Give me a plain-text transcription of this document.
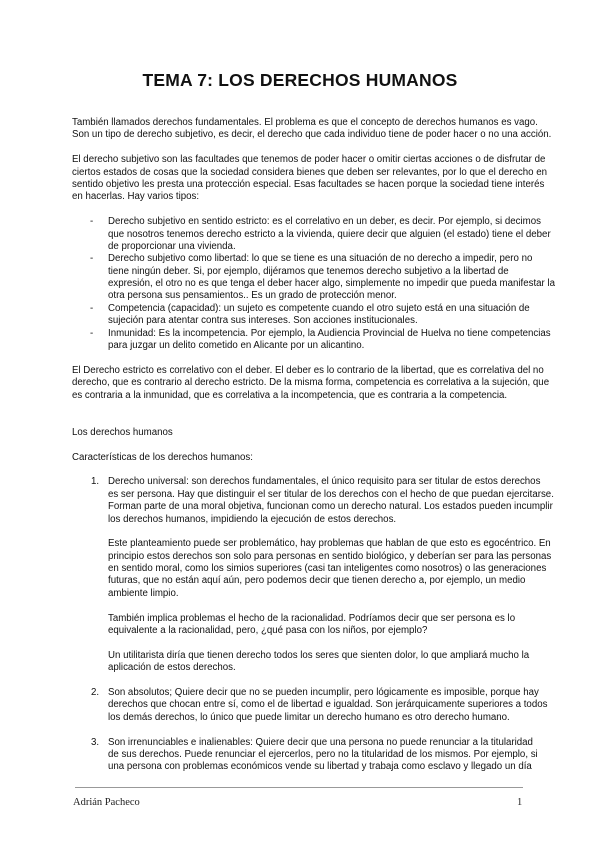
TEMA 7: LOS DERECHOS HUMANOS
También llamados derechos fundamentales. El problema es que el concepto de derechos humanos es vago.
Son un tipo de derecho subjetivo, es decir, el derecho que cada individuo tiene de poder hacer o no una acción.
El derecho subjetivo son las facultades que tenemos de poder hacer o omitir ciertas acciones o de disfrutar de
ciertos estados de cosas que la sociedad considera bienes que deben ser relevantes, por lo que el derecho en
sentido objetivo les presta una protección especial. Esas facultades se hacen porque la sociedad tiene interés
en hacerlas. Hay varios tipos:
- Derecho subjetivo en sentido estricto: es el correlativo en un deber, es decir. Por ejemplo, si decimos
que nosotros tenemos derecho estricto a la vivienda, quiere decir que alguien (el estado) tiene el deber
de proporcionar una vivienda.
- Derecho subjetivo como libertad: lo que se tiene es una situación de no derecho a impedir, pero no
tiene ningún deber. Si, por ejemplo, dijéramos que tenemos derecho subjetivo a la libertad de
expresión, el otro no es que tenga el deber hacer algo, simplemente no impedir que pueda manifestar la
otra persona sus pensamientos.. Es un grado de protección menor.
- Competencia (capacidad): un sujeto es competente cuando el otro sujeto está en una situación de
sujeción para atentar contra sus intereses. Son acciones institucionales.
- Inmunidad: Es la incompetencia. Por ejemplo, la Audiencia Provincial de Huelva no tiene competencias
para juzgar un delito cometido en Alicante por un alicantino.
El Derecho estricto es correlativo con el deber. El deber es lo contrario de la libertad, que es correlativa del no
derecho, que es contrario al derecho estricto. De la misma forma, competencia es correlativa a la sujeción, que
es contraria a la inmunidad, que es correlativa a la incompetencia, que es contraria a la competencia.
Los derechos humanos
Características de los derechos humanos:
1. Derecho universal: son derechos fundamentales, el único requisito para ser titular de estos derechos
es ser persona. Hay que distinguir el ser titular de los derechos con el hecho de que puedan ejercitarse.
Forman parte de una moral objetiva, funcionan como un derecho natural. Los estados pueden incumplir
los derechos humanos, impidiendo la ejecución de estos derechos.
Este planteamiento puede ser problemático, hay problemas que hablan de que esto es egocéntrico. En
principio estos derechos son solo para personas en sentido biológico, y deberían ser para las personas
en sentido moral, como los simios superiores (casi tan inteligentes como nosotros) o las generaciones
futuras, que no están aquí aún, pero podemos decir que tienen derecho a, por ejemplo, un medio
ambiente limpio.
También implica problemas el hecho de la racionalidad. Podríamos decir que ser persona es lo
equivalente a la racionalidad, pero, ¿qué pasa con los niños, por ejemplo?
Un utilitarista diría que tienen derecho todos los seres que sienten dolor, lo que ampliará mucho la
aplicación de estos derechos.
2. Son absolutos; Quiere decir que no se pueden incumplir, pero lógicamente es imposible, porque hay
derechos que chocan entre sí, como el de libertad e igualdad. Son jerárquicamente superiores a todos
los demás derechos, lo único que puede limitar un derecho humano es otro derecho humano.
3. Son irrenunciables e inalienables: Quiere decir que una persona no puede renunciar a la titularidad
de sus derechos. Puede renunciar el ejercerlos, pero no la titularidad de los mismos. Por ejemplo, si
una persona con problemas económicos vende su libertad y trabaja como esclavo y llegado un día
Adrián Pacheco	1
